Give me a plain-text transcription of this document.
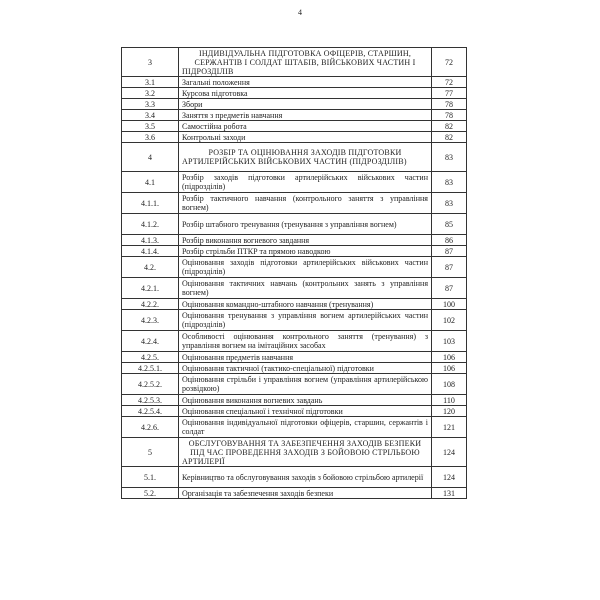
4
3	ІНДИВІДУАЛЬНА ПІДГОТОВКА ОФІЦЕРІВ, СТАРШИН, СЕРЖАНТІВ І СОЛДАТ ШТАБІВ, ВІЙСЬКОВИХ ЧАСТИН І ПІДРОЗДІЛІВ	72
3.1	Загальні положення	72
3.2	Курсова підготовка	77
3.3	Збори	78
3.4	Заняття з предметів навчання	78
3.5	Самостійна робота	82
3.6	Контрольні заходи	82
4	РОЗБІР ТА ОЦІНЮВАННЯ ЗАХОДІВ ПІДГОТОВКИ АРТИЛЕРІЙСЬКИХ ВІЙСЬКОВИХ ЧАСТИН (ПІДРОЗДІЛІВ)	83
4.1	Розбір заходів підготовки артилерійських військових частин (підрозділів)	83
4.1.1.	Розбір тактичного навчання (контрольного заняття з управління вогнем)	83
4.1.2.	Розбір штабного тренування (тренування з управління вогнем)	85
4.1.3.	Розбір виконання вогневого завдання	86
4.1.4.	Розбір стрільби ПТКР та прямою наводкою	87
4.2.	Оцінювання заходів підготовки артилерійських військових частин (підрозділів)	87
4.2.1.	Оцінювання тактичних навчань (контрольних занять з управління вогнем)	87
4.2.2.	Оцінювання командно-штабного навчання (тренування)	100
4.2.3.	Оцінювання тренування з управління вогнем артилерійських частин (підрозділів)	102
4.2.4.	Особливості оцінювання контрольного заняття (тренування) з управління вогнем на імітаційних засобах	103
4.2.5.	Оцінювання предметів навчання	106
4.2.5.1.	Оцінювання тактичної (тактико-спеціальної) підготовки	106
4.2.5.2.	Оцінювання стрільби і управління вогнем (управління артилерійською розвідкою)	108
4.2.5.3.	Оцінювання виконання вогневих завдань	110
4.2.5.4.	Оцінювання спеціальної і технічної підготовки	120
4.2.6.	Оцінювання індивідуальної підготовки офіцерів, старшин, сержантів і солдат	121
5	ОБСЛУГОВУВАННЯ ТА ЗАБЕЗПЕЧЕННЯ ЗАХОДІВ БЕЗПЕКИ ПІД ЧАС ПРОВЕДЕННЯ ЗАХОДІВ З БОЙОВОЮ СТРІЛЬБОЮ АРТИЛЕРІЇ	124
5.1.	Керівництво та обслуговування заходів з бойовою стрільбою артилерії	124
5.2.	Організація та забезпечення заходів безпеки	131
